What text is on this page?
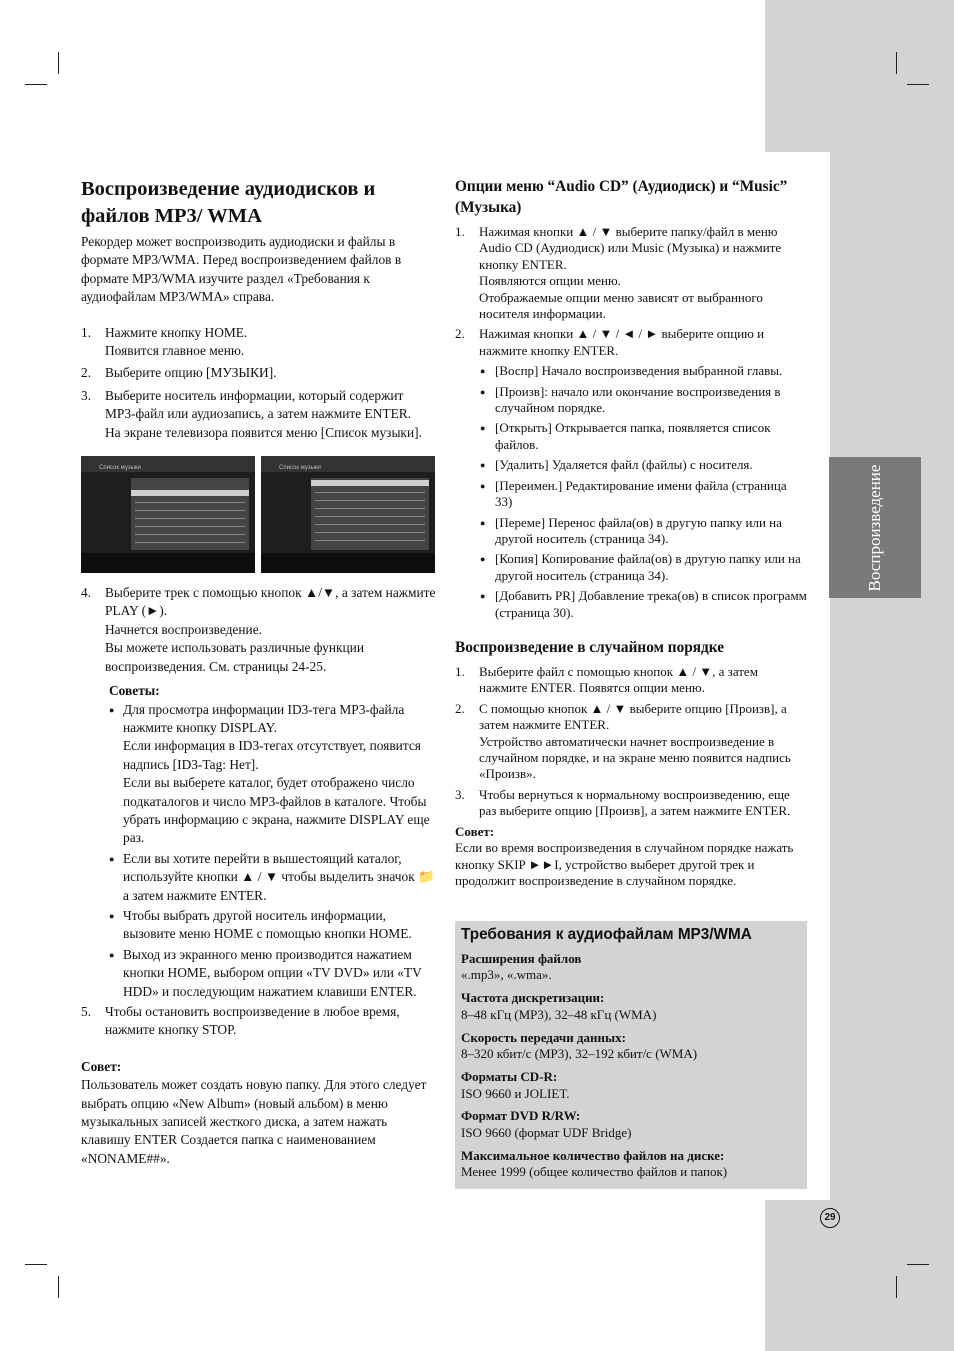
Воспроизведение
29
Воспроизведение аудиодисков и файлов MP3/ WMA

Рекордер может воспроизводить аудиодиски и файлы в формате MP3/WMA. Перед воспроизведением файлов в формате MP3/WMA изучите раздел «Требования к аудиофайлам MP3/WMA» справа.

1. Нажмите кнопку HOME.
Появится главное меню.
2. Выберите опцию [МУЗЫКИ].
3. Выберите носитель информации, который содержит MP3-файл или аудиозапись, а затем нажмите ENTER.
На экране телевизора появится меню [Список музыки].
Список музыки	Список музыки
4. Выберите трек с помощью кнопок ▲/▼, а затем нажмите PLAY (►).
Начнется воспроизведение.
Вы можете использовать различные функции воспроизведения. См. страницы 24-25.
Советы:
● Для просмотра информации ID3-тега MP3-файла нажмите кнопку DISPLAY.
Если информация в ID3-тегах отсутствует, появится надпись [ID3-Tag: Нет].
Если вы выберете каталог, будет отображено число подкаталогов и число MP3-файлов в каталоге. Чтобы убрать информацию с экрана, нажмите DISPLAY еще раз.
● Если вы хотите перейти в вышестоящий каталог, используйте кнопки ▲ / ▼ чтобы выделить значок 📁 а затем нажмите ENTER.
● Чтобы выбрать другой носитель информации, вызовите меню HOME с помощью кнопки HOME.
● Выход из экранного меню производится нажатием кнопки HOME, выбором опции «TV DVD» или «TV HDD» и последующим нажатием клавиши ENTER.
5. Чтобы остановить воспроизведение в любое время, нажмите кнопку STOP.
Совет:

Пользователь может создать новую папку. Для этого следует выбрать опцию «New Album» (новый альбом) в меню музыкальных записей жесткого диска, а затем нажать клавишу ENTER Создается папка с наименованием «NONAME##».

Опции меню “Audio CD” (Аудиодиск) и “Music” (Музыка)
1. Нажимая кнопки ▲ / ▼ выберите папку/файл в меню Audio CD (Аудиодиск) или Music (Музыка) и нажмите кнопку ENTER.
Появляются опции меню.
Отображаемые опции меню зависят от выбранного носителя информации.
2. Нажимая кнопки ▲ / ▼ / ◄ / ► выберите опцию и нажмите кнопку ENTER.
● [Воспр] Начало воспроизведения выбранной главы.
● [Произв]: начало или окончание воспроизведения в случайном порядке.
● [Открыть] Открывается папка, появляется список файлов.
● [Удалить] Удаляется файл (файлы) с носителя.
● [Переимен.] Редактирование имени файла (страница 33)
● [Переме] Перенос файла(ов) в другую папку или на другой носитель (страница 34).
● [Копия] Копирование файла(ов) в другую папку или на другой носитель (страница 34).
● [Добавить PR] Добавление трека(ов) в список программ (страница 30).
Воспроизведение в случайном порядке
1. Выберите файл с помощью кнопок ▲ / ▼, а затем нажмите ENTER. Появятся опции меню.
2. С помощью кнопок ▲ / ▼ выберите опцию [Произв], а затем нажмите ENTER.
Устройство автоматически начнет воспроизведение в случайном порядке, и на экране меню появится надпись «Произв».
3. Чтобы вернуться к нормальному воспроизведению, еще раз выберите опцию [Произв], а затем нажмите ENTER.
Совет:

Если во время воспроизведения в случайном порядке нажать кнопку SKIP ►►I, устройство выберет другой трек и продолжит воспроизведение в случайном порядке.

Требования к аудиофайлам MP3/WMA
Расширения файлов
«.mp3», «.wma».
Частота дискретизации:
8–48 кГц (MP3), 32–48 кГц (WMA)
Скорость передачи данных:
8–320 кбит/с (MP3), 32–192 кбит/с (WMA)
Форматы CD-R:
ISO 9660 и JOLIET.
Формат DVD R/RW:
ISO 9660 (формат UDF Bridge)
Максимальное количество файлов на диске:
Менее 1999 (общее количество файлов и папок)
